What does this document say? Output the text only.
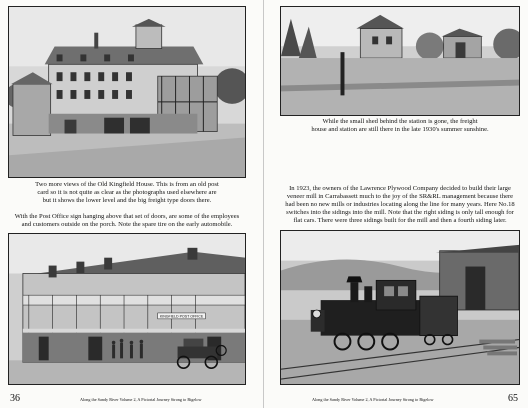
Two more views of the Old Kingfield House. This is from an old post
card so it is not quite as clear as the photographs used elsewhere are
but it shows the lower level and the big freight type doors there.
With the Post Office sign hanging above that set of doors, are some of the employees
and customers outside on the porch. Note the spare tire on the early automobile.
KINGFIELD POST OFFICE
36	Along the Sandy River Volume 2, A Pictorial Journey Strong to Bigelow
While the small shed behind the station is gone, the freight
house and station are still there in the late 1930's summer sunshine.
In 1923, the owners of the Lawrence Plywood Company decided to build their large
veneer mill in Carrabassett much to the joy of the SR&RL management because there
had been no new mills or industries locating along the line for many years. Here No.18
switches into the sidings into the mill. Note that the right siding is only tall enough for
flat cars. There were three sidings built for the mill and then a fourth siding later.
Along the Sandy River Volume 2, A Pictorial Journey Strong to Bigelow	65
